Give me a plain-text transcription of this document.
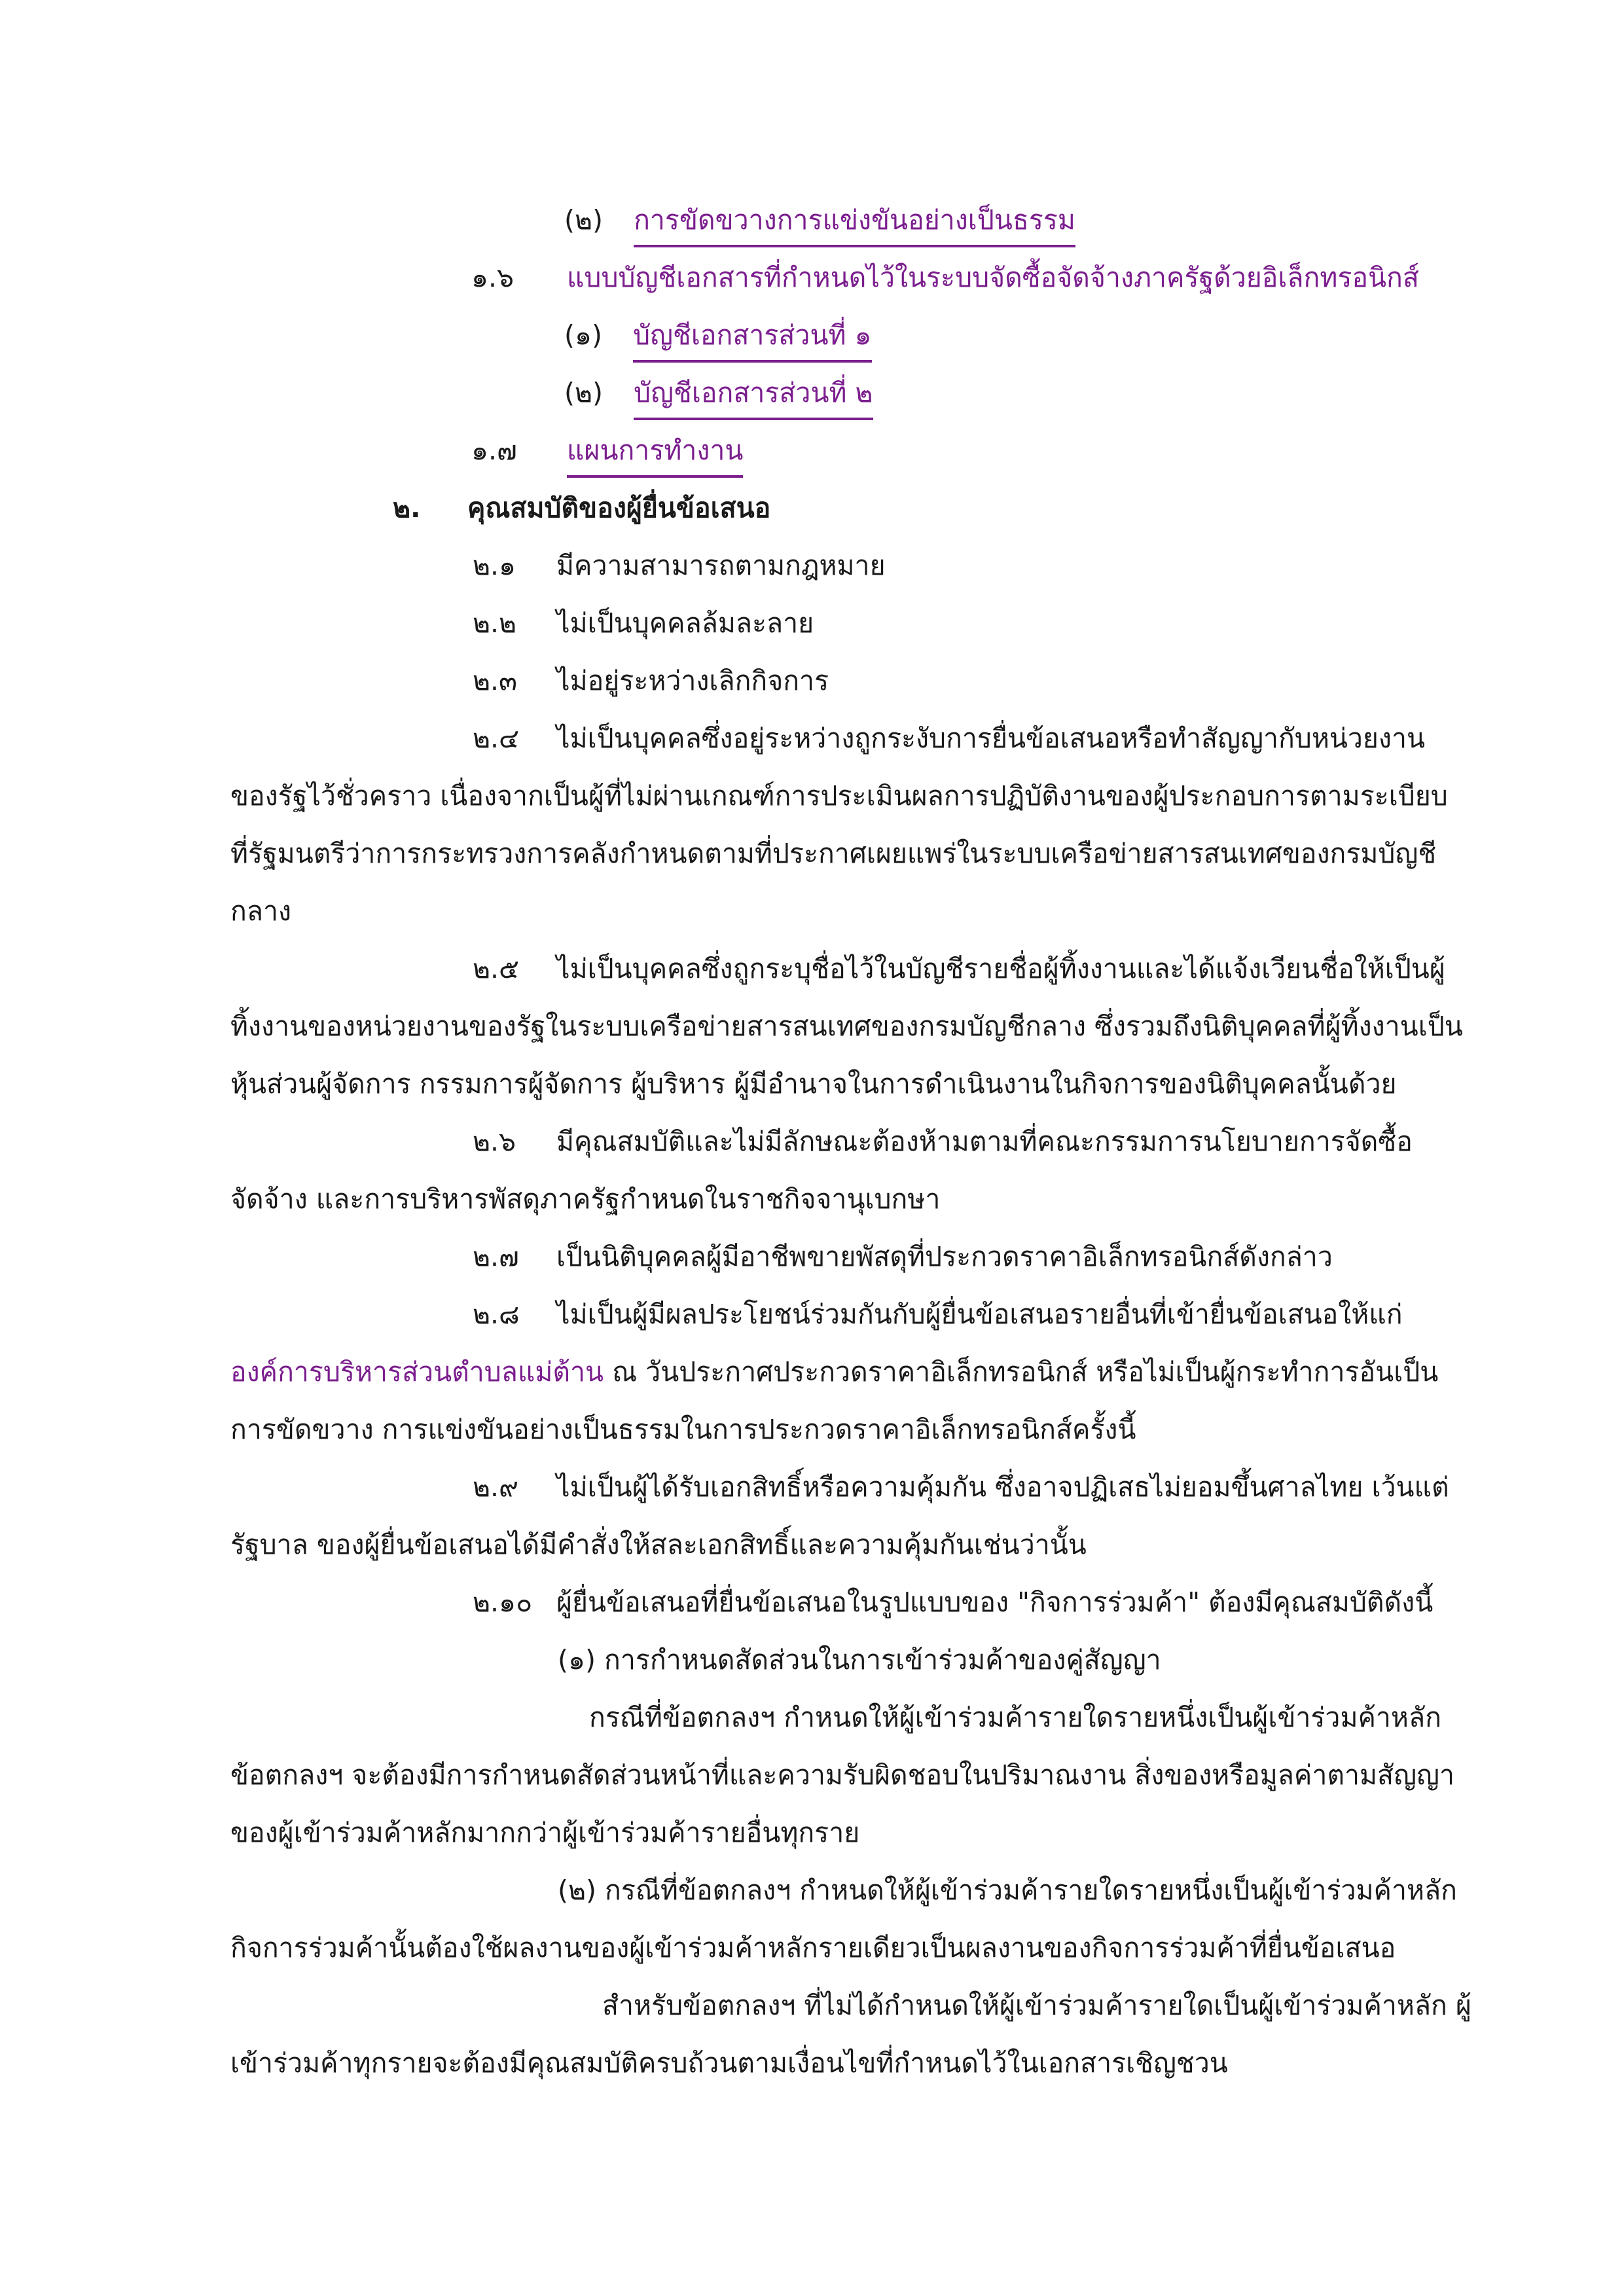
(๒) การขัดขวางการแข่งขันอย่างเป็นธรรม
๑.๖ แบบบัญชีเอกสารที่กำหนดไว้ในระบบจัดซื้อจัดจ้างภาครัฐด้วยอิเล็กทรอนิกส์
(๑) บัญชีเอกสารส่วนที่ ๑
(๒) บัญชีเอกสารส่วนที่ ๒
๑.๗ แผนการทำงาน
๒. คุณสมบัติของผู้ยื่นข้อเสนอ
๒.๑ มีความสามารถตามกฎหมาย
๒.๒ ไม่เป็นบุคคลล้มละลาย
๒.๓ ไม่อยู่ระหว่างเลิกกิจการ
๒.๔ ไม่เป็นบุคคลซึ่งอยู่ระหว่างถูกระงับการยื่นข้อเสนอหรือทำสัญญากับหน่วยงาน
ของรัฐไว้ชั่วคราว เนื่องจากเป็นผู้ที่ไม่ผ่านเกณฑ์การประเมินผลการปฏิบัติงานของผู้ประกอบการตามระเบียบ
ที่รัฐมนตรีว่าการกระทรวงการคลังกำหนดตามที่ประกาศเผยแพร่ในระบบเครือข่ายสารสนเทศของกรมบัญชี
กลาง
๒.๕ ไม่เป็นบุคคลซึ่งถูกระบุชื่อไว้ในบัญชีรายชื่อผู้ทิ้งงานและได้แจ้งเวียนชื่อให้เป็นผู้
ทิ้งงานของหน่วยงานของรัฐในระบบเครือข่ายสารสนเทศของกรมบัญชีกลาง ซึ่งรวมถึงนิติบุคคลที่ผู้ทิ้งงานเป็น
หุ้นส่วนผู้จัดการ กรรมการผู้จัดการ ผู้บริหาร ผู้มีอำนาจในการดำเนินงานในกิจการของนิติบุคคลนั้นด้วย
๒.๖ มีคุณสมบัติและไม่มีลักษณะต้องห้ามตามที่คณะกรรมการนโยบายการจัดซื้อ
จัดจ้าง และการบริหารพัสดุภาครัฐกำหนดในราชกิจจานุเบกษา
๒.๗ เป็นนิติบุคคลผู้มีอาชีพขายพัสดุที่ประกวดราคาอิเล็กทรอนิกส์ดังกล่าว
๒.๘ ไม่เป็นผู้มีผลประโยชน์ร่วมกันกับผู้ยื่นข้อเสนอรายอื่นที่เข้ายื่นข้อเสนอให้แก่
องค์การบริหารส่วนตำบลแม่ต้าน ณ วันประกาศประกวดราคาอิเล็กทรอนิกส์ หรือไม่เป็นผู้กระทำการอันเป็น
การขัดขวาง การแข่งขันอย่างเป็นธรรมในการประกวดราคาอิเล็กทรอนิกส์ครั้งนี้
๒.๙ ไม่เป็นผู้ได้รับเอกสิทธิ์หรือความคุ้มกัน ซึ่งอาจปฏิเสธไม่ยอมขึ้นศาลไทย เว้นแต่
รัฐบาล ของผู้ยื่นข้อเสนอได้มีคำสั่งให้สละเอกสิทธิ์และความคุ้มกันเช่นว่านั้น
๒.๑๐ ผู้ยื่นข้อเสนอที่ยื่นข้อเสนอในรูปแบบของ "กิจการร่วมค้า" ต้องมีคุณสมบัติดังนี้
(๑) การกำหนดสัดส่วนในการเข้าร่วมค้าของคู่สัญญา
กรณีที่ข้อตกลงฯ กำหนดให้ผู้เข้าร่วมค้ารายใดรายหนึ่งเป็นผู้เข้าร่วมค้าหลัก
ข้อตกลงฯ จะต้องมีการกำหนดสัดส่วนหน้าที่และความรับผิดชอบในปริมาณงาน สิ่งของหรือมูลค่าตามสัญญา
ของผู้เข้าร่วมค้าหลักมากกว่าผู้เข้าร่วมค้ารายอื่นทุกราย
(๒) กรณีที่ข้อตกลงฯ กำหนดให้ผู้เข้าร่วมค้ารายใดรายหนึ่งเป็นผู้เข้าร่วมค้าหลัก
กิจการร่วมค้านั้นต้องใช้ผลงานของผู้เข้าร่วมค้าหลักรายเดียวเป็นผลงานของกิจการร่วมค้าที่ยื่นข้อเสนอ
สำหรับข้อตกลงฯ ที่ไม่ได้กำหนดให้ผู้เข้าร่วมค้ารายใดเป็นผู้เข้าร่วมค้าหลัก ผู้
เข้าร่วมค้าทุกรายจะต้องมีคุณสมบัติครบถ้วนตามเงื่อนไขที่กำหนดไว้ในเอกสารเชิญชวน
